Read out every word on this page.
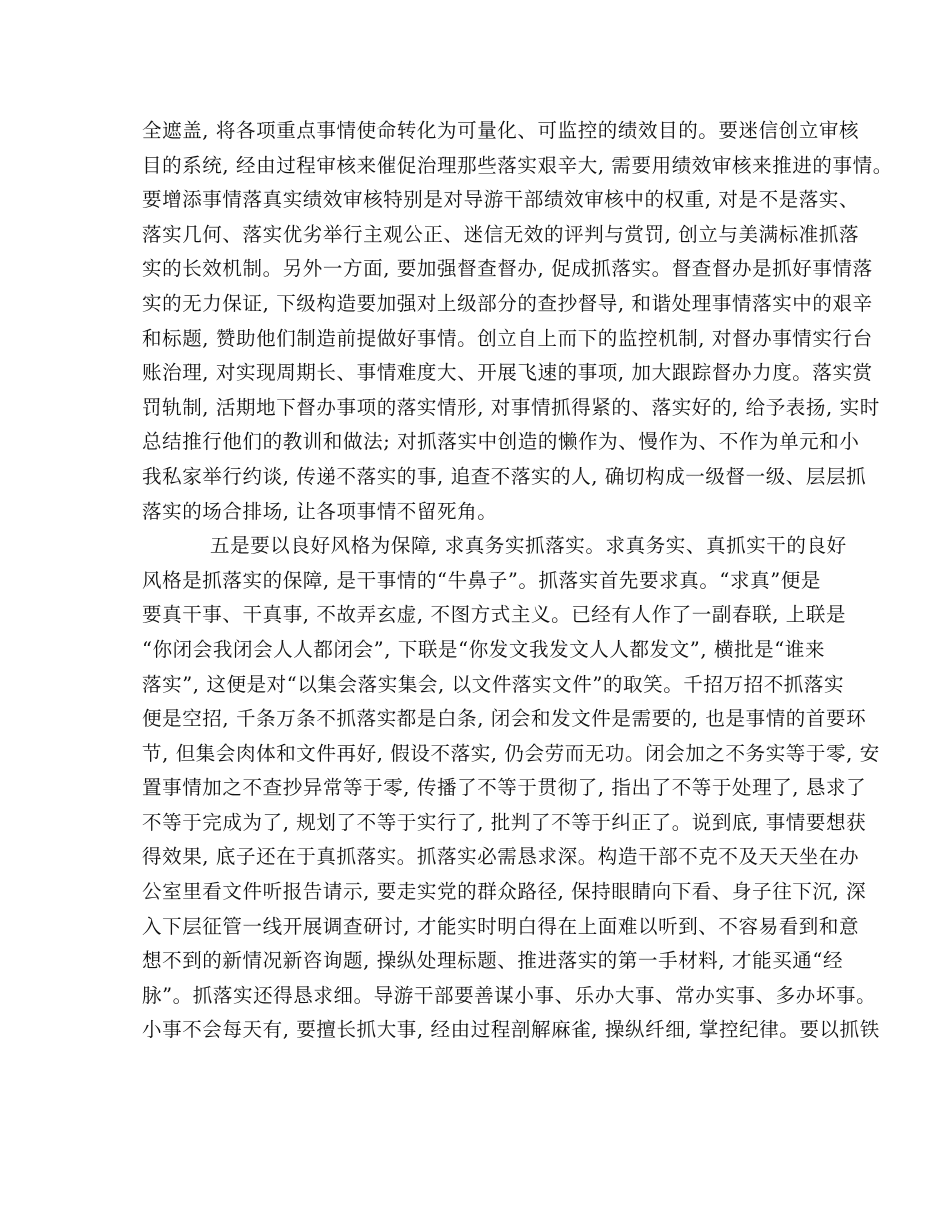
全遮盖, 将各项重点事情使命转化为可量化、可监控的绩效目的。要迷信创立审核
目的系统, 经由过程审核来催促治理那些落实艰辛大, 需要用绩效审核来推进的事情。
要增添事情落真实绩效审核特别是对导游干部绩效审核中的权重, 对是不是落实、
落实几何、落实优劣举行主观公正、迷信无效的评判与赏罚, 创立与美满标准抓落
实的长效机制。另外一方面, 要加强督查督办, 促成抓落实。督查督办是抓好事情落
实的无力保证, 下级构造要加强对上级部分的查抄督导, 和谐处理事情落实中的艰辛
和标题, 赞助他们制造前提做好事情。创立自上而下的监控机制, 对督办事情实行台
账治理, 对实现周期长、事情难度大、开展飞速的事项, 加大跟踪督办力度。落实赏
罚轨制, 活期地下督办事项的落实情形, 对事情抓得紧的、落实好的, 给予表扬, 实时
总结推行他们的教训和做法; 对抓落实中创造的懒作为、慢作为、不作为单元和小
我私家举行约谈, 传递不落实的事, 追查不落实的人, 确切构成一级督一级、层层抓
落实的场合排场, 让各项事情不留死角。
五是要以良好风格为保障, 求真务实抓落实。求真务实、真抓实干的良好
风格是抓落实的保障, 是干事情的“牛鼻子”。抓落实首先要求真。“求真”便是
要真干事、干真事, 不故弄玄虚, 不图方式主义。已经有人作了一副春联, 上联是
“你闭会我闭会人人都闭会”, 下联是“你发文我发文人人都发文”, 横批是“谁来
落实”, 这便是对“以集会落实集会, 以文件落实文件”的取笑。千招万招不抓落实
便是空招, 千条万条不抓落实都是白条, 闭会和发文件是需要的, 也是事情的首要环
节, 但集会肉体和文件再好, 假设不落实, 仍会劳而无功。闭会加之不务实等于零, 安
置事情加之不查抄异常等于零, 传播了不等于贯彻了, 指出了不等于处理了, 恳求了
不等于完成为了, 规划了不等于实行了, 批判了不等于纠正了。说到底, 事情要想获
得效果, 底子还在于真抓落实。抓落实必需恳求深。构造干部不克不及天天坐在办
公室里看文件听报告请示, 要走实党的群众路径, 保持眼睛向下看、身子往下沉, 深
入下层征管一线开展调查研讨, 才能实时明白得在上面难以听到、不容易看到和意
想不到的新情况新咨询题, 操纵处理标题、推进落实的第一手材料, 才能买通“经
脉”。抓落实还得恳求细。导游干部要善谋小事、乐办大事、常办实事、多办坏事。
小事不会每天有, 要擅长抓大事, 经由过程剖解麻雀, 操纵纤细, 掌控纪律。要以抓铁
